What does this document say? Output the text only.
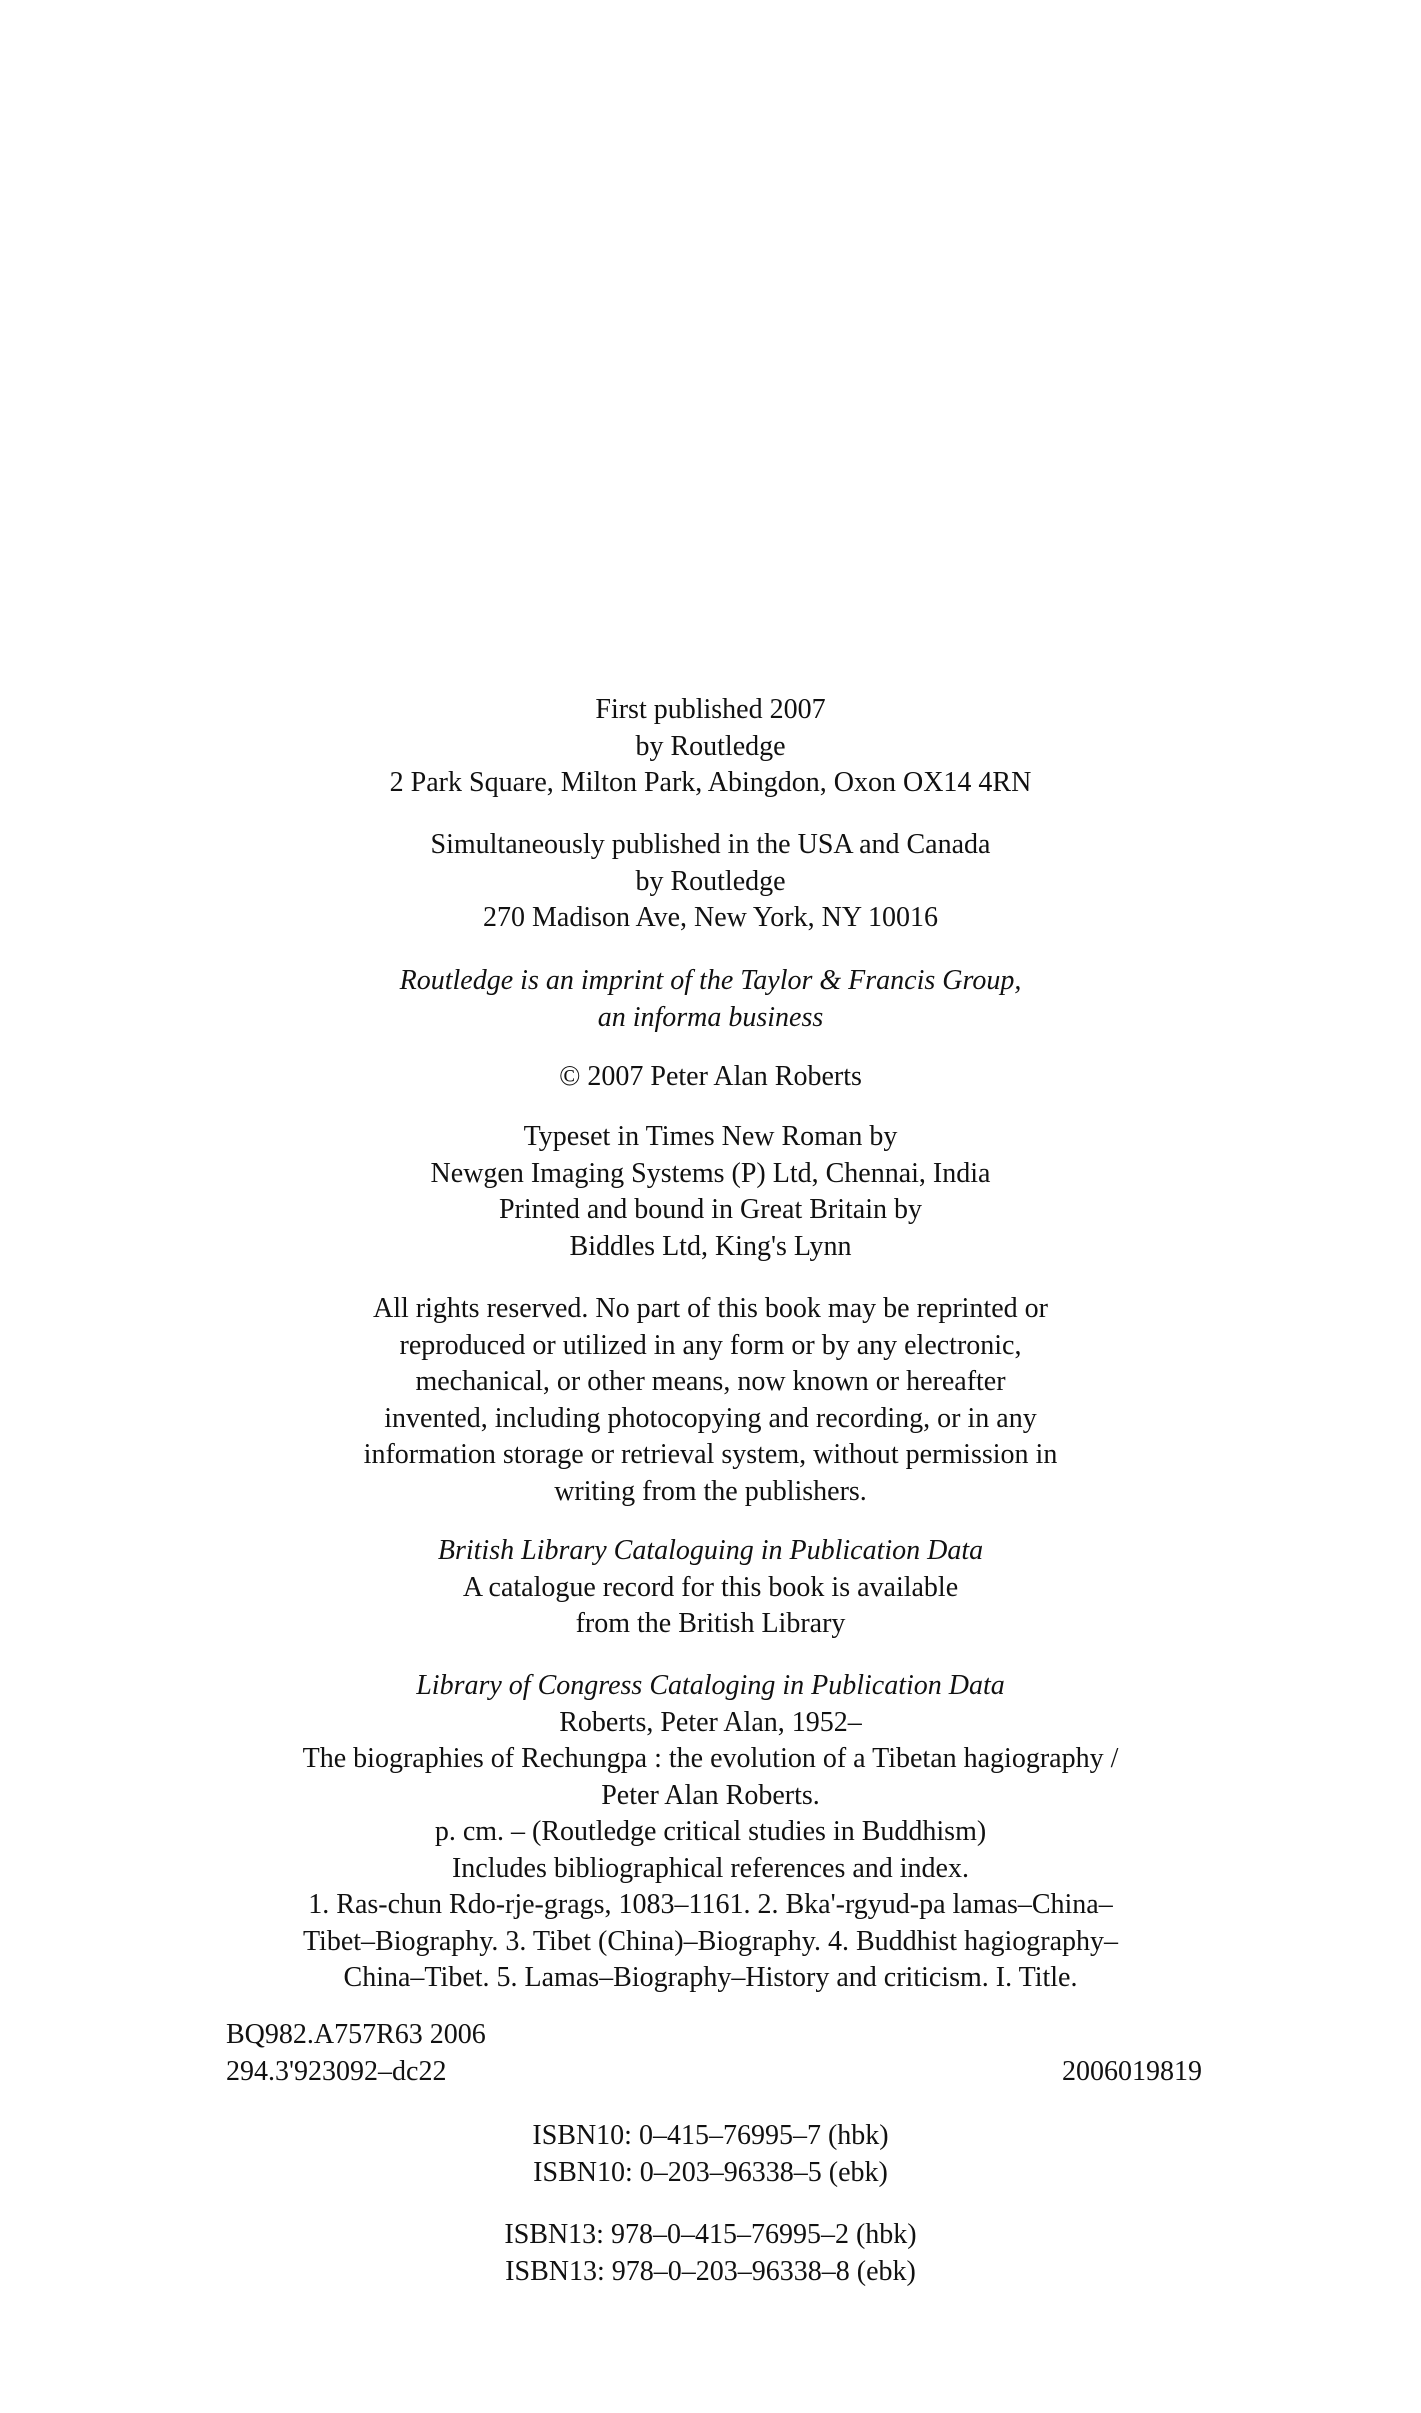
First published 2007
by Routledge
2 Park Square, Milton Park, Abingdon, Oxon OX14 4RN
Simultaneously published in the USA and Canada
by Routledge
270 Madison Ave, New York, NY 10016
Routledge is an imprint of the Taylor & Francis Group,
an informa business
© 2007 Peter Alan Roberts
Typeset in Times New Roman by
Newgen Imaging Systems (P) Ltd, Chennai, India
Printed and bound in Great Britain by
Biddles Ltd, King's Lynn
All rights reserved. No part of this book may be reprinted or
reproduced or utilized in any form or by any electronic,
mechanical, or other means, now known or hereafter
invented, including photocopying and recording, or in any
information storage or retrieval system, without permission in
writing from the publishers.
British Library Cataloguing in Publication Data
A catalogue record for this book is available
from the British Library
Library of Congress Cataloging in Publication Data
Roberts, Peter Alan, 1952–
The biographies of Rechungpa : the evolution of a Tibetan hagiography /
Peter Alan Roberts.
p. cm. – (Routledge critical studies in Buddhism)
Includes bibliographical references and index.
1. Ras-chun Rdo-rje-grags, 1083–1161. 2. Bka'-rgyud-pa lamas–China–
Tibet–Biography. 3. Tibet (China)–Biography. 4. Buddhist hagiography–
China–Tibet. 5. Lamas–Biography–History and criticism. I. Title.
BQ982.A757R63 2006
294.3'923092–dc22	2006019819
ISBN10: 0–415–76995–7 (hbk)
ISBN10: 0–203–96338–5 (ebk)
ISBN13: 978–0–415–76995–2 (hbk)
ISBN13: 978–0–203–96338–8 (ebk)
